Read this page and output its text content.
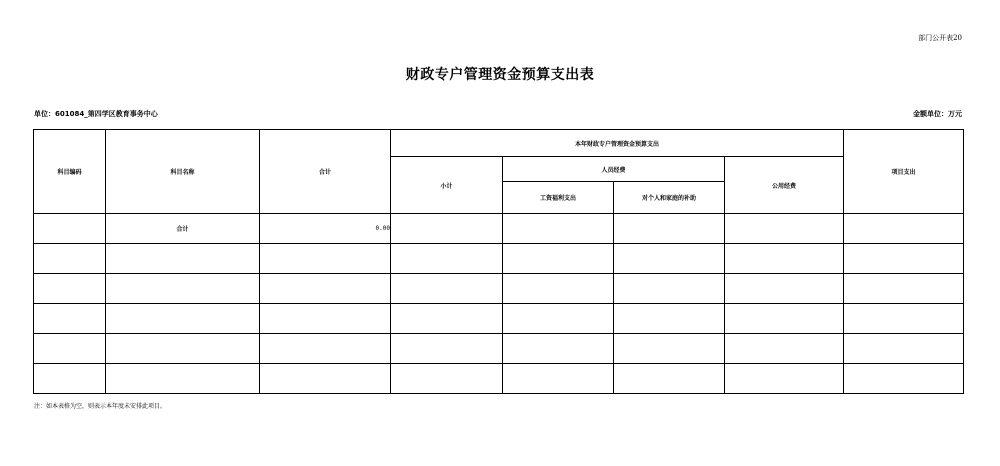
部门公开表20
财政专户管理资金预算支出表
单位：601084_第四学区教育事务中心	金额单位：万元
科目编码	科目名称	合计	本年财政专户管理资金预算支出				项目支出
			小计	人员经费		公用经费	
				工资福利支出	对个人和家庭的补助		
	合计	0.00					

注：如本表格为空，则表示本年度未安排此项目。
